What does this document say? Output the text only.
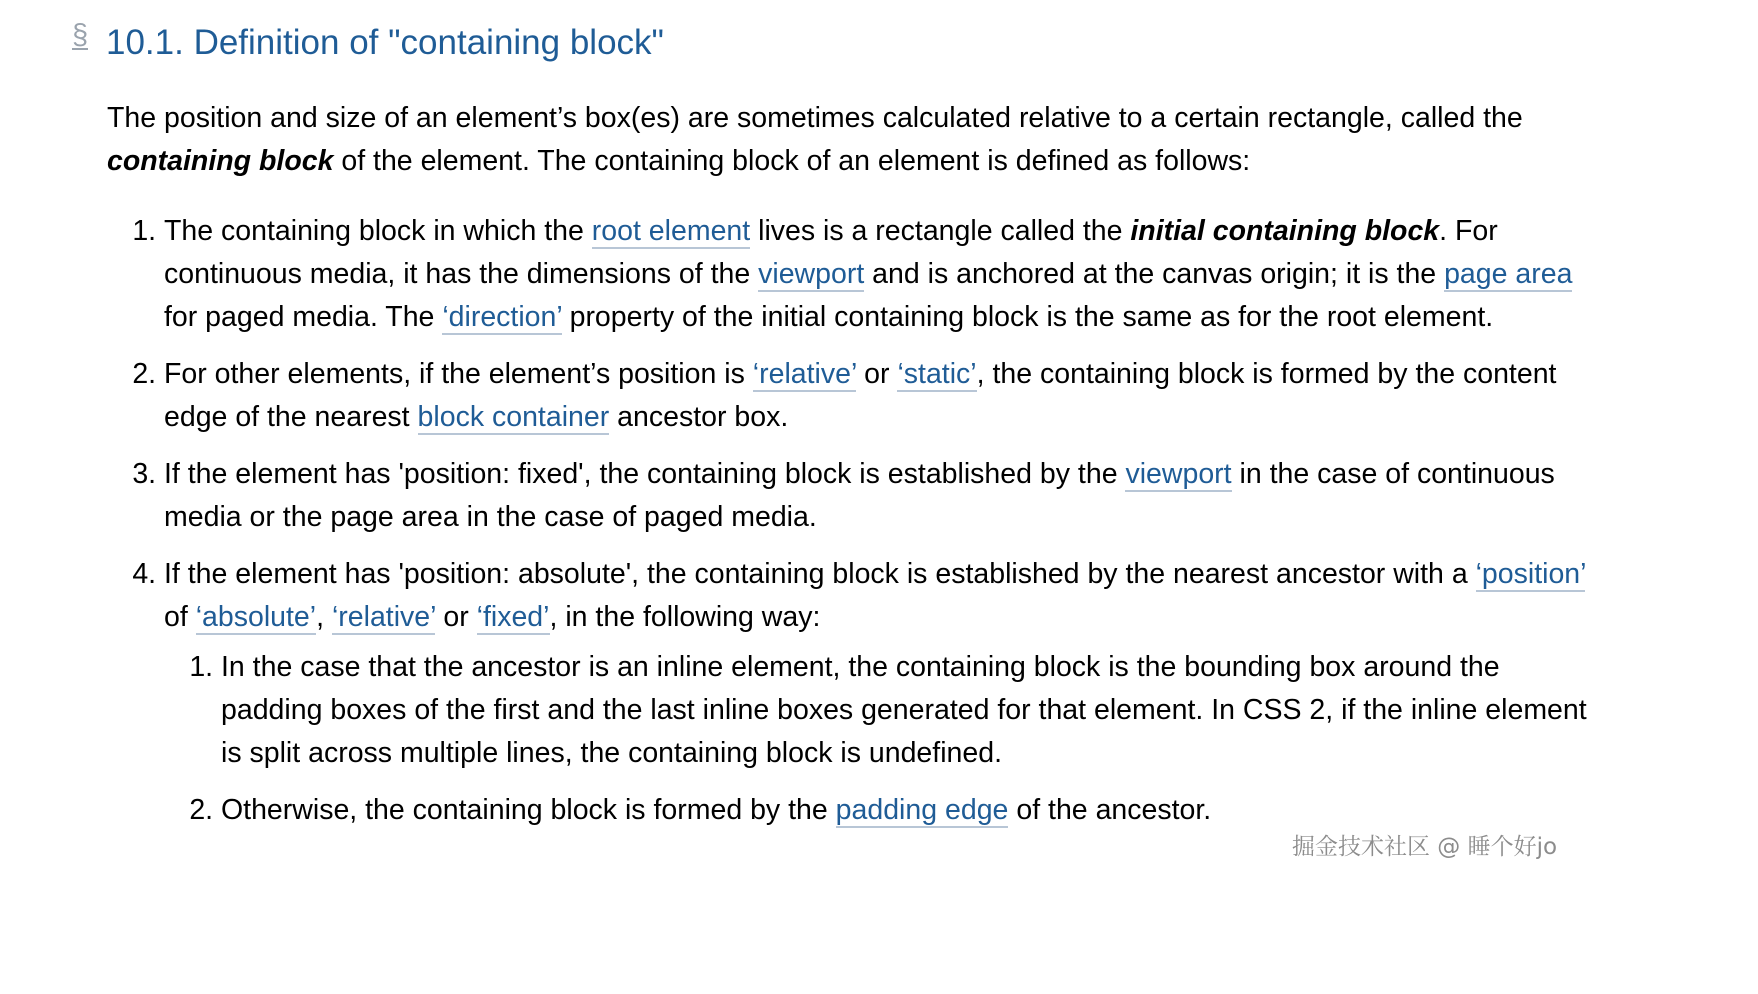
§ 10.1. Definition of "containing block"

The position and size of an element’s box(es) are sometimes calculated relative to a certain rectangle, called the containing block of the element. The containing block of an element is defined as follows:

1. The containing block in which the root element lives is a rectangle called the initial containing block. For continuous media, it has the dimensions of the viewport and is anchored at the canvas origin; it is the page area for paged media. The ‘direction’ property of the initial containing block is the same as for the root element.
2. For other elements, if the element’s position is ‘relative’ or ‘static’, the containing block is formed by the content edge of the nearest block container ancestor box.
3. If the element has 'position: fixed', the containing block is established by the viewport in the case of continuous media or the page area in the case of paged media.
4. If the element has 'position: absolute', the containing block is established by the nearest ancestor with a ‘position’ of ‘absolute’, ‘relative’ or ‘fixed’, in the following way:
1. In the case that the ancestor is an inline element, the containing block is the bounding box around the padding boxes of the first and the last inline boxes generated for that element. In CSS 2, if the inline element is split across multiple lines, the containing block is undefined.
2. Otherwise, the containing block is formed by the padding edge of the ancestor.
掘金技术社区 @ 睡个好jo
